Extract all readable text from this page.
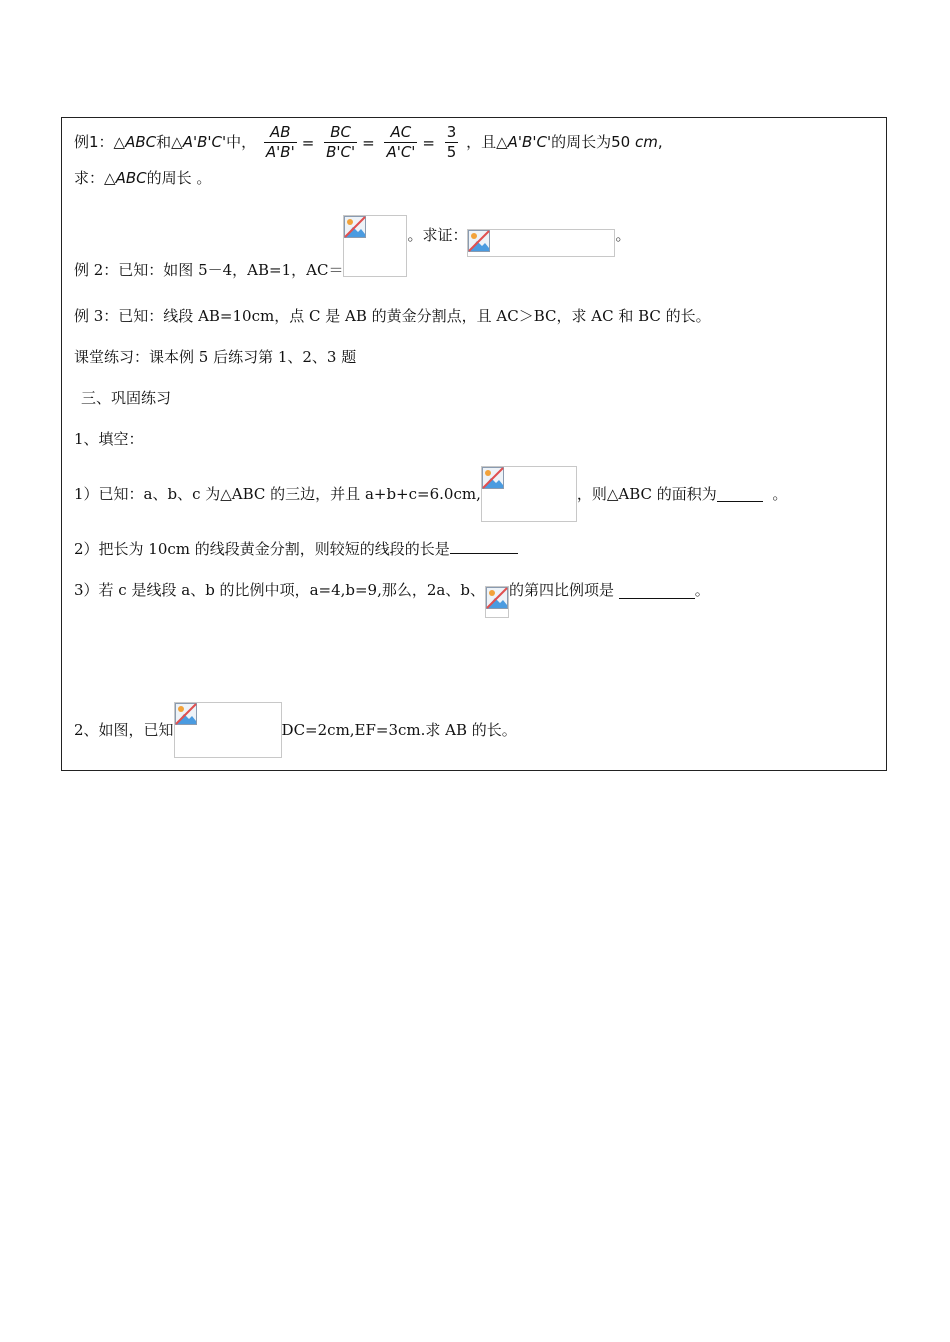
例1：△ABC和△A'B'C'中， $\frac{AB}{A'B'} = \frac{BC}{B'C'} = \frac{AC}{A'C'} = \frac{3}{5}$ ，且△A'B'C'的周长为50 cm,
求：△ABC的周长 。
例 2：已知：如图 5－4，AB=1，AC＝
。求证：	。
例 3：已知：线段 AB=10cm，点 C 是 AB 的黄金分割点，且 AC＞BC，求 AC 和 BC 的长。
课堂练习：课本例 5 后练习第 1、2、3 题
三、巩固练习
1、填空：
1）已知：a、b、c 为△ABC 的三边，并且 a+b+c=6.0cm,	，则△ABC 的面积为	。
2）把长为 10cm 的线段黄金分割，则较短的线段的长是
3）若 c 是线段 a、b 的比例中项，a=4,b=9,那么，2a、b、 的第四比例项是	。
2、如图，已知	DC=2cm,EF=3cm.求 AB 的长。
